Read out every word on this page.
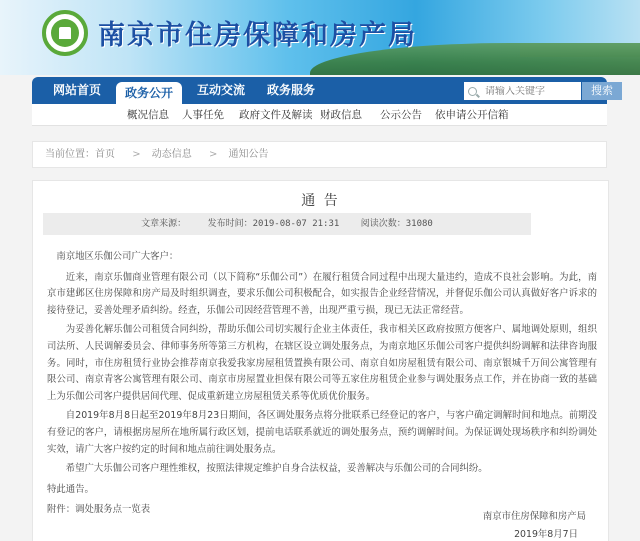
南京市住房保障和房产局
网站首页	政务公开	互动交流	政务服务
请输入关键字	搜索
概况信息 人事任免 政府文件及解读 财政信息 公示公告 依申请公开信箱
当前位置：首页 > 动态信息 > 通知公告
通 告
文章来源： 发布时间：2019-08-07 21:31 阅读次数：31080

南京地区乐伽公司广大客户：

近来，南京乐伽商业管理有限公司（以下简称“乐伽公司”）在履行租赁合同过程中出现大量违约，造成不良社会影响。为此，南京市建邺区住房保障和房产局及时组织调查，要求乐伽公司积极配合，如实报告企业经营情况，并督促乐伽公司认真做好客户诉求的接待登记，妥善处理矛盾纠纷。经查，乐伽公司因经营管理不善，出现严重亏损，现已无法正常经营。

为妥善化解乐伽公司租赁合同纠纷，帮助乐伽公司切实履行企业主体责任，我市相关区政府按照方便客户、属地调处原则，组织司法所、人民调解委员会、律师事务所等第三方机构，在辖区设立调处服务点，为南京地区乐伽公司客户提供纠纷调解和法律咨询服务。同时，市住房租赁行业协会推荐南京我爱我家房屋租赁置换有限公司、南京自如房屋租赁有限公司、南京银城千万间公寓管理有限公司、南京青客公寓管理有限公司、南京市房屋置业担保有限公司等五家住房租赁企业参与调处服务点工作，并在协商一致的基础上为乐伽公司客户提供居间代理、促成重新建立房屋租赁关系等优质优价服务。

自2019年8月8日起至2019年8月23日期间，各区调处服务点将分批联系已经登记的客户，与客户确定调解时间和地点。前期没有登记的客户，请根据房屋所在地所属行政区划，提前电话联系就近的调处服务点，预约调解时间。为保证调处现场秩序和纠纷调处实效，请广大客户按约定的时间和地点前往调处服务点。

希望广大乐伽公司客户理性维权，按照法律规定维护自身合法权益，妥善解决与乐伽公司的合同纠纷。

特此通告。

附件：调处服务点一览表

南京市住房保障和房产局
2019年8月7日
